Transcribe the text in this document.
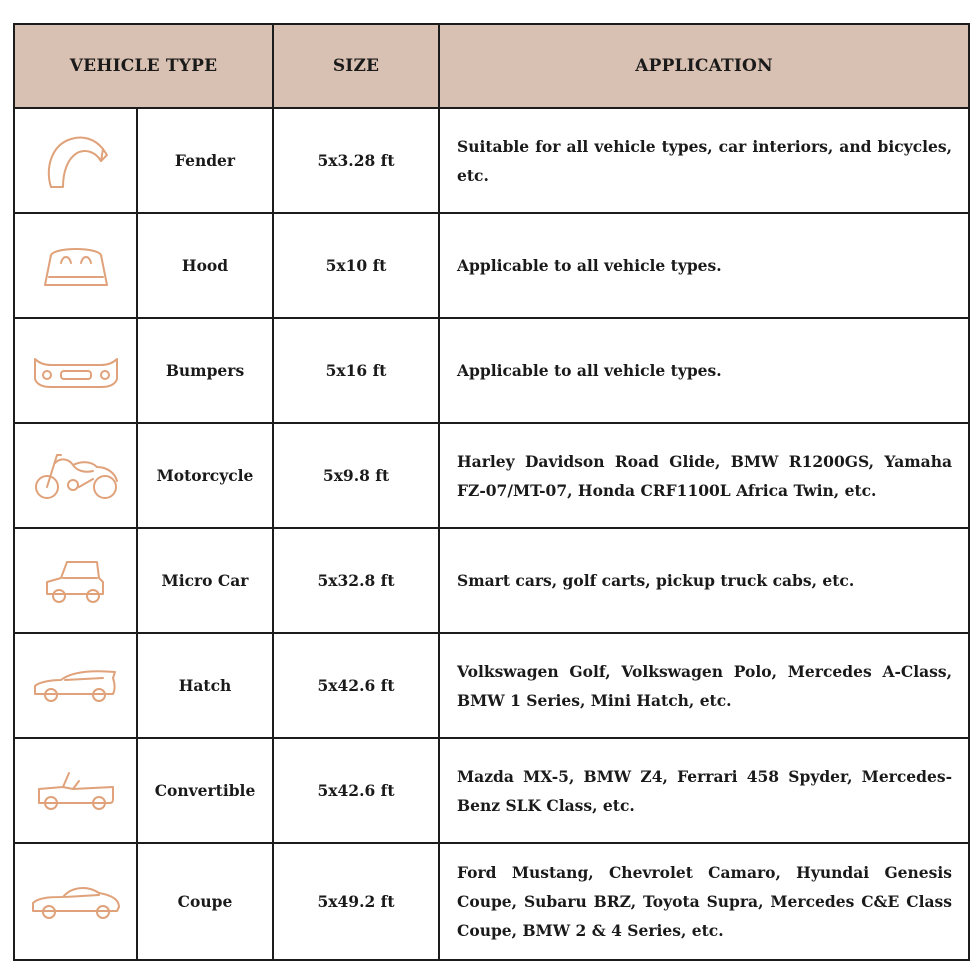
VEHICLE TYPE		SIZE	APPLICATION

	Fender	5x3.28 ft	Suitable for all vehicle types, car interiors, and bicycles, etc.

	Hood	5x10 ft	Applicable to all vehicle types.

	Bumpers	5x16 ft	Applicable to all vehicle types.

	Motorcycle	5x9.8 ft	Harley Davidson Road Glide, BMW R1200GS, Yamaha FZ-07/MT-07, Honda CRF1100L Africa Twin, etc.

	Micro Car	5x32.8 ft	Smart cars, golf carts, pickup truck cabs, etc.

	Hatch	5x42.6 ft	Volkswagen Golf, Volkswagen Polo, Mercedes A-Class, BMW 1 Series, Mini Hatch, etc.

	Convertible	5x42.6 ft	Mazda MX-5, BMW Z4, Ferrari 458 Spyder, Mercedes-Benz SLK Class, etc.

	Coupe	5x49.2 ft	Ford Mustang, Chevrolet Camaro, Hyundai Genesis Coupe, Subaru BRZ, Toyota Supra, Mercedes C&E Class Coupe, BMW 2 & 4 Series, etc.
